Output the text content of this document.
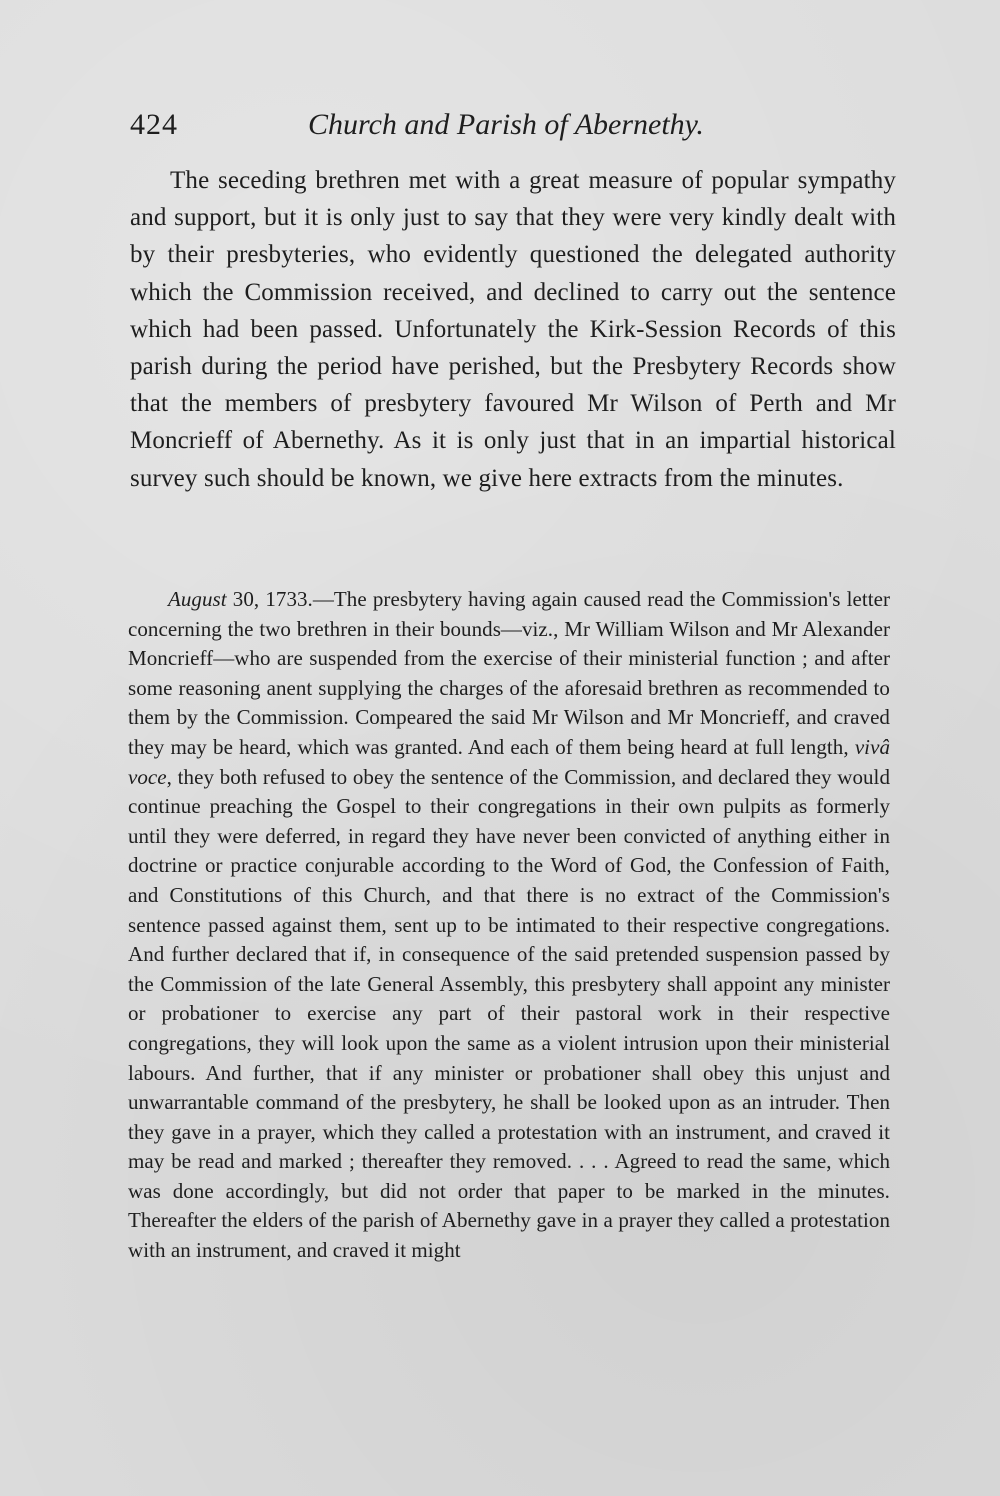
424	Church and Parish of Abernethy.

The seceding brethren met with a great measure of popular sympathy and support, but it is only just to say that they were very kindly dealt with by their presbyteries, who evidently questioned the delegated authority which the Commission received, and declined to carry out the sentence which had been passed. Unfortunately the Kirk-Session Records of this parish during the period have perished, but the Presbytery Records show that the members of presbytery favoured Mr Wilson of Perth and Mr Moncrieff of Abernethy. As it is only just that in an impartial historical survey such should be known, we give here extracts from the minutes.

August 30, 1733.—The presbytery having again caused read the Commission's letter concerning the two brethren in their bounds—viz., Mr William Wilson and Mr Alexander Moncrieff—who are suspended from the exercise of their ministerial function ; and after some reasoning anent supplying the charges of the aforesaid brethren as recommended to them by the Commission. Compeared the said Mr Wilson and Mr Moncrieff, and craved they may be heard, which was granted. And each of them being heard at full length, vivâ voce, they both refused to obey the sentence of the Commission, and declared they would continue preaching the Gospel to their congregations in their own pulpits as formerly until they were deferred, in regard they have never been convicted of anything either in doctrine or practice conjurable according to the Word of God, the Confession of Faith, and Constitutions of this Church, and that there is no extract of the Commission's sentence passed against them, sent up to be intimated to their respective congregations. And further declared that if, in consequence of the said pretended suspension passed by the Commission of the late General Assembly, this presbytery shall appoint any minister or probationer to exercise any part of their pastoral work in their respective congregations, they will look upon the same as a violent intrusion upon their ministerial labours. And further, that if any minister or probationer shall obey this unjust and unwarrantable command of the presbytery, he shall be looked upon as an intruder. Then they gave in a prayer, which they called a protestation with an instrument, and craved it may be read and marked ; thereafter they removed. . . . Agreed to read the same, which was done accordingly, but did not order that paper to be marked in the minutes. Thereafter the elders of the parish of Abernethy gave in a prayer they called a protestation with an instrument, and craved it might
